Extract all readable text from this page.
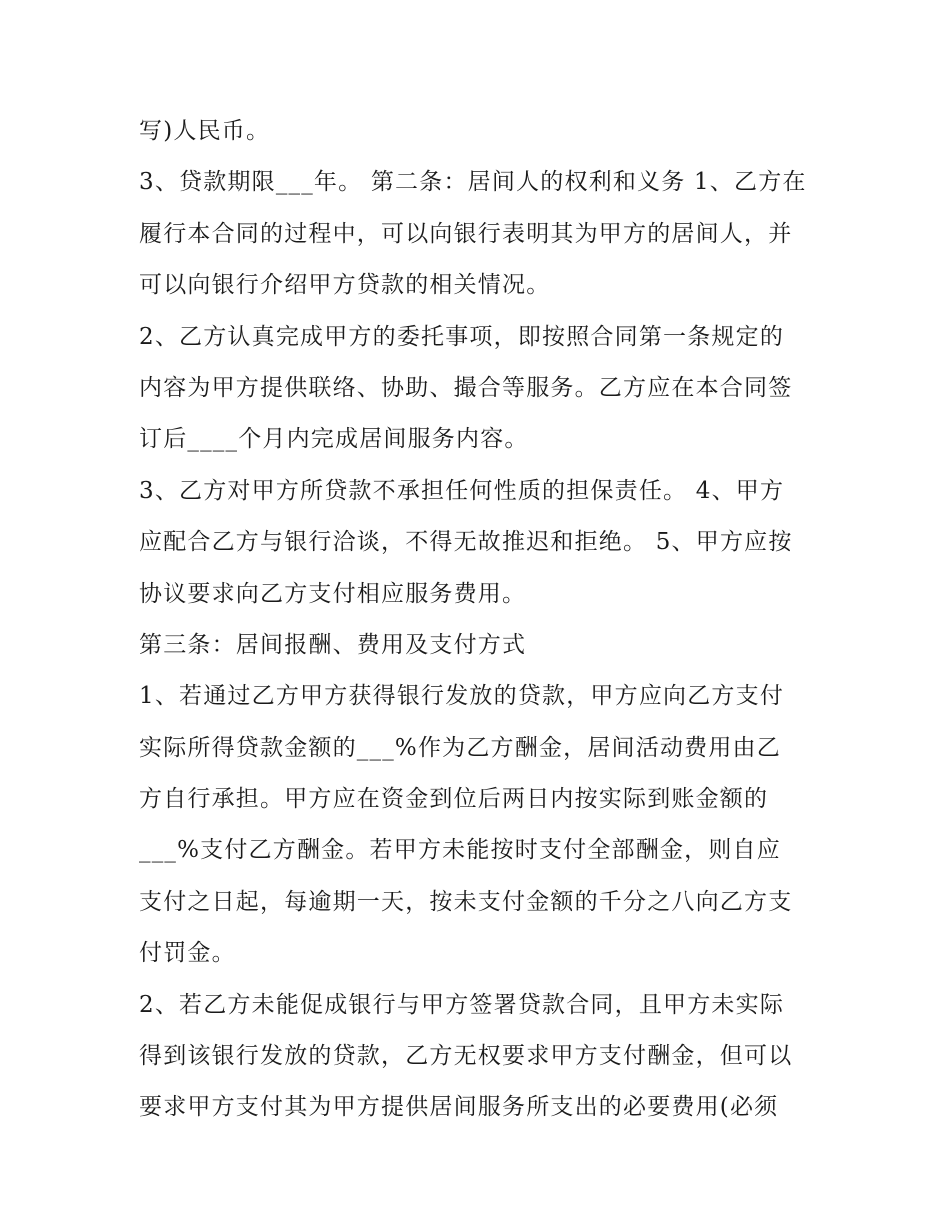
写)人民币。
3、贷款期限___年。 第二条：居间人的权利和义务 1、乙方在
履行本合同的过程中，可以向银行表明其为甲方的居间人，并
可以向银行介绍甲方贷款的相关情况。
2、乙方认真完成甲方的委托事项，即按照合同第一条规定的
内容为甲方提供联络、协助、撮合等服务。乙方应在本合同签
订后____个月内完成居间服务内容。
3、乙方对甲方所贷款不承担任何性质的担保责任。 4、甲方
应配合乙方与银行洽谈，不得无故推迟和拒绝。 5、甲方应按
协议要求向乙方支付相应服务费用。
第三条：居间报酬、费用及支付方式
1、若通过乙方甲方获得银行发放的贷款，甲方应向乙方支付
实际所得贷款金额的___%作为乙方酬金，居间活动费用由乙
方自行承担。甲方应在资金到位后两日内按实际到账金额的
___%支付乙方酬金。若甲方未能按时支付全部酬金，则自应
支付之日起，每逾期一天，按未支付金额的千分之八向乙方支
付罚金。
2、若乙方未能促成银行与甲方签署贷款合同，且甲方未实际
得到该银行发放的贷款，乙方无权要求甲方支付酬金，但可以
要求甲方支付其为甲方提供居间服务所支出的必要费用(必须
